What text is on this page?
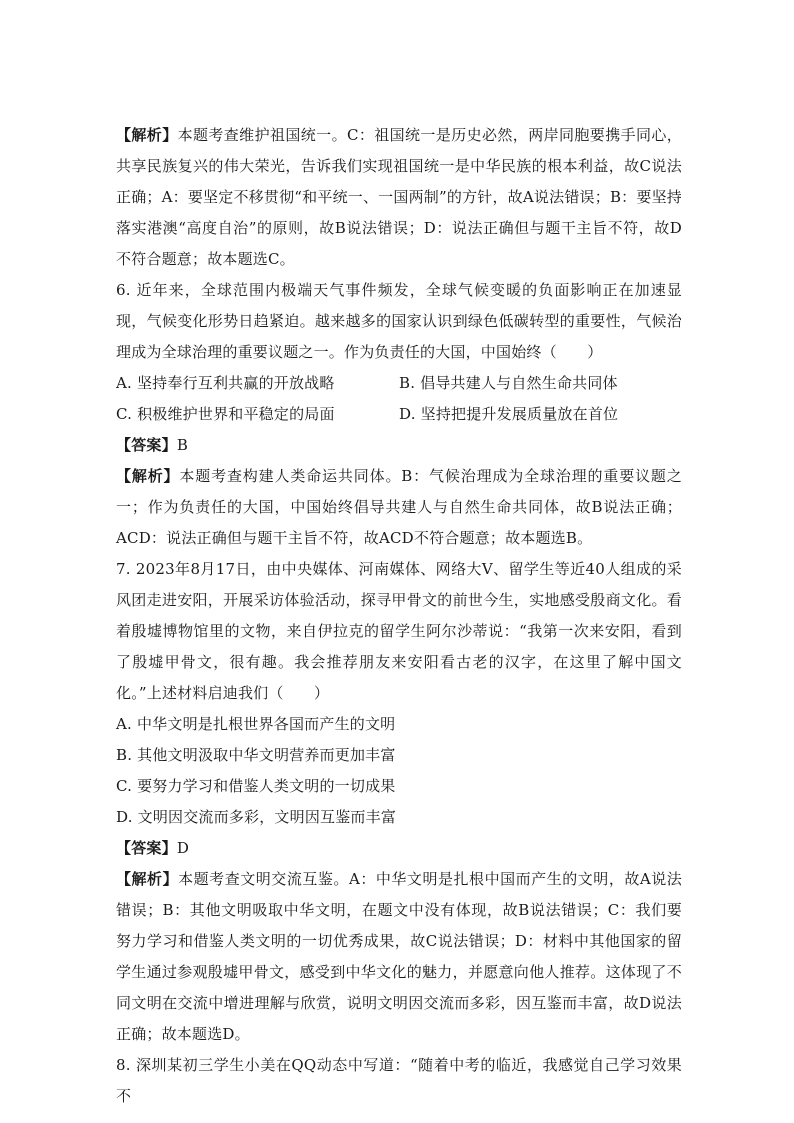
【解析】本题考查维护祖国统一。C：祖国统一是历史必然，两岸同胞要携手同心，共享民族复兴的伟大荣光，告诉我们实现祖国统一是中华民族的根本利益，故C说法正确；A：要坚定不移贯彻“和平统一、一国两制”的方针，故A说法错误；B：要坚持落实港澳“高度自治”的原则，故B说法错误；D：说法正确但与题干主旨不符，故D不符合题意；故本题选C。

6. 近年来，全球范围内极端天气事件频发，全球气候变暖的负面影响正在加速显现，气候变化形势日趋紧迫。越来越多的国家认识到绿色低碳转型的重要性，气候治理成为全球治理的重要议题之一。作为负责任的大国，中国始终（　　）

A. 坚持奉行互利共赢的开放战略	B. 倡导共建人与自然生命共同体
C. 积极维护世界和平稳定的局面	D. 坚持把提升发展质量放在首位

【答案】B

【解析】本题考查构建人类命运共同体。B：气候治理成为全球治理的重要议题之一；作为负责任的大国，中国始终倡导共建人与自然生命共同体，故B说法正确；ACD：说法正确但与题干主旨不符，故ACD不符合题意；故本题选B。

7. 2023年8月17日，由中央媒体、河南媒体、网络大V、留学生等近40人组成的采风团走进安阳，开展采访体验活动，探寻甲骨文的前世今生，实地感受殷商文化。看着殷墟博物馆里的文物，来自伊拉克的留学生阿尔沙蒂说：“我第一次来安阳，看到了殷墟甲骨文，很有趣。我会推荐朋友来安阳看古老的汉字，在这里了解中国文化。”上述材料启迪我们（　　）

A. 中华文明是扎根世界各国而产生的文明

B. 其他文明汲取中华文明营养而更加丰富

C. 要努力学习和借鉴人类文明的一切成果

D. 文明因交流而多彩，文明因互鉴而丰富

【答案】D

【解析】本题考查文明交流互鉴。A：中华文明是扎根中国而产生的文明，故A说法错误；B：其他文明吸取中华文明，在题文中没有体现，故B说法错误；C：我们要努力学习和借鉴人类文明的一切优秀成果，故C说法错误；D：材料中其他国家的留学生通过参观殷墟甲骨文，感受到中华文化的魅力，并愿意向他人推荐。这体现了不同文明在交流中增进理解与欣赏，说明文明因交流而多彩，因互鉴而丰富，故D说法正确；故本题选D。

8. 深圳某初三学生小美在QQ动态中写道：“随着中考的临近，我感觉自己学习效果不
